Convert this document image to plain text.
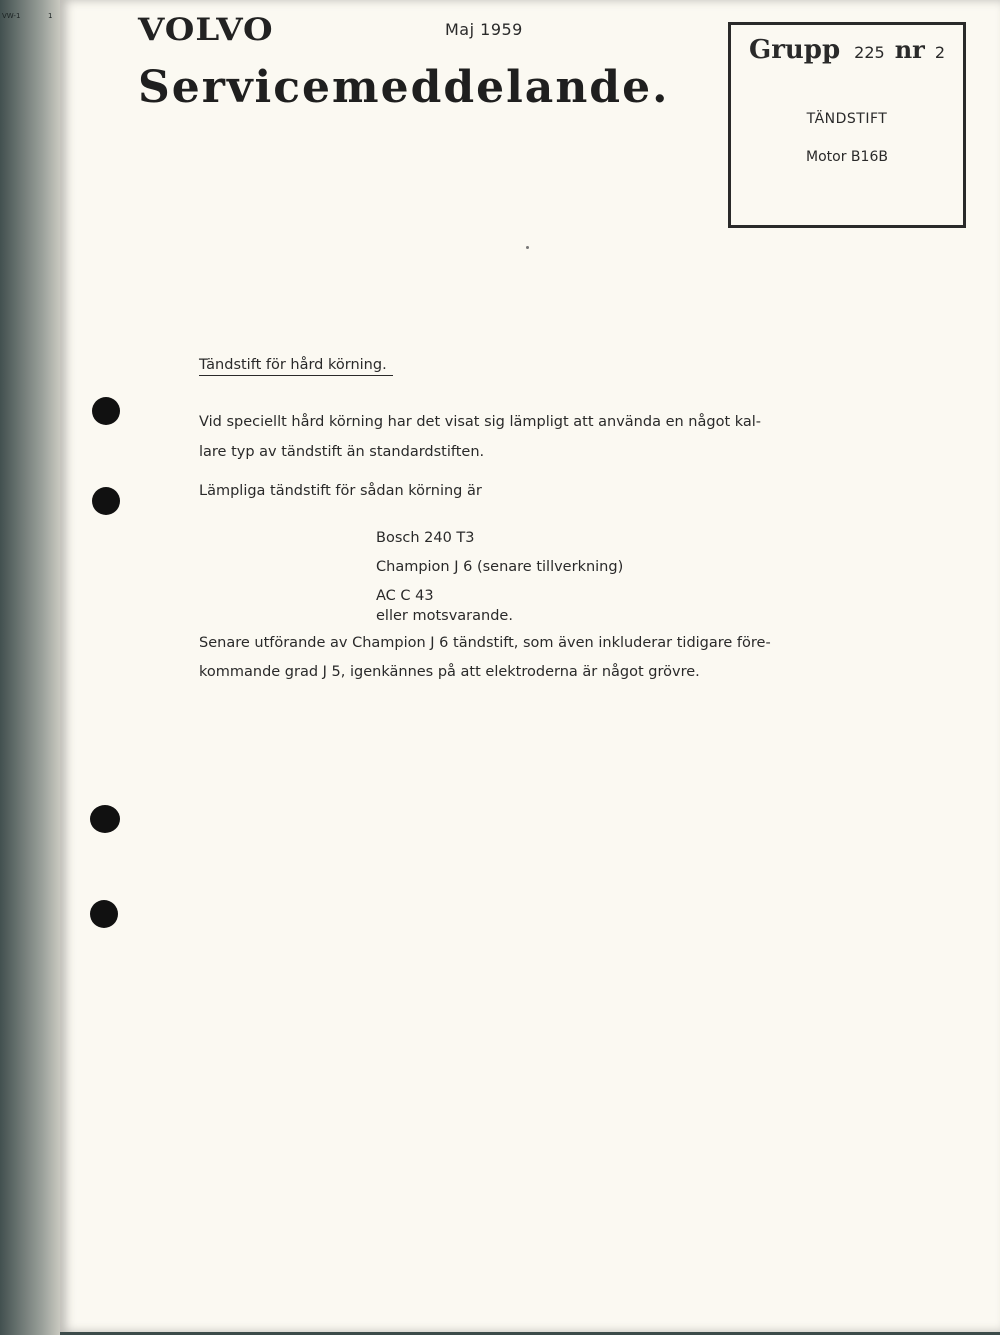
VW-1	1	VOLVO	Maj 1959
Servicemeddelande.
Grupp 225 nr 2
TÄNDSTIFT
Motor B16B
Tändstift för hård körning.
Vid speciellt hård körning har det visat sig lämpligt att använda en något kal-
lare typ av tändstift än standardstiften.
Lämpliga tändstift för sådan körning är
Bosch 240 T3
Champion J 6 (senare tillverkning)
AC C 43
eller motsvarande.
Senare utförande av Champion J 6 tändstift, som även inkluderar tidigare före-
kommande grad J 5, igenkännes på att elektroderna är något grövre.
